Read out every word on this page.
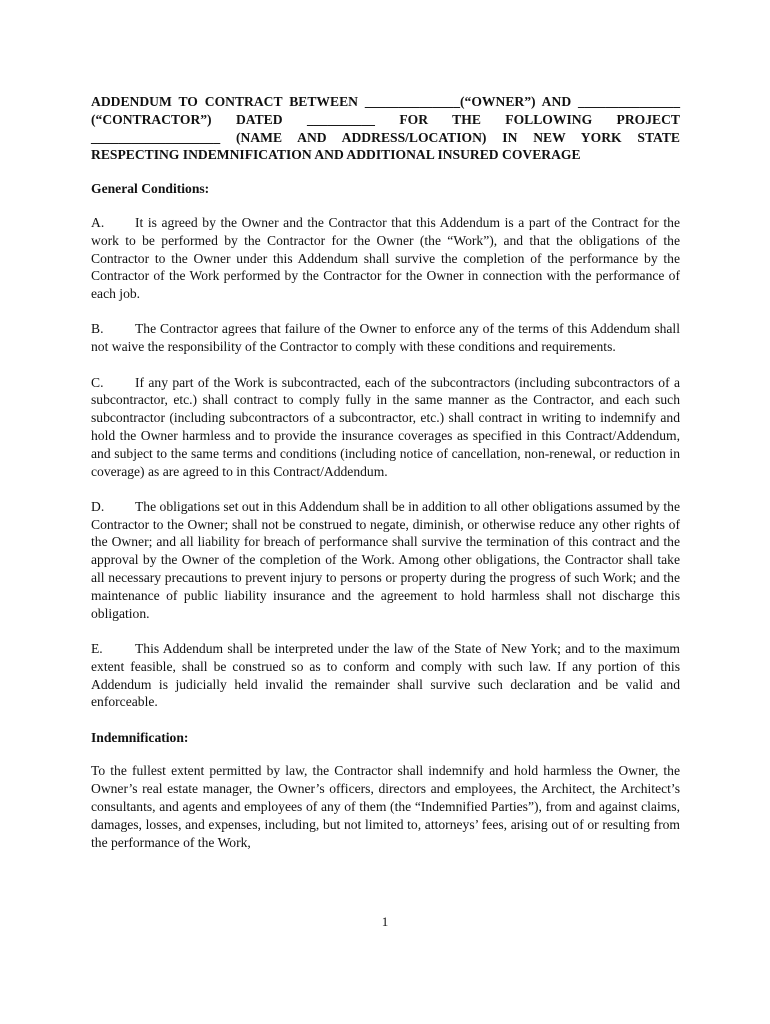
ADDENDUM TO CONTRACT BETWEEN ______________(“OWNER”) AND _______________ (“CONTRACTOR”) DATED __________ FOR THE FOLLOWING PROJECT ___________________ (NAME AND ADDRESS/LOCATION) IN NEW YORK STATE RESPECTING INDEMNIFICATION AND ADDITIONAL INSURED COVERAGE

General Conditions:

A. It is agreed by the Owner and the Contractor that this Addendum is a part of the Contract for the work to be performed by the Contractor for the Owner (the “Work”), and that the obligations of the Contractor to the Owner under this Addendum shall survive the completion of the performance by the Contractor of the Work performed by the Contractor for the Owner in connection with the performance of each job.

B. The Contractor agrees that failure of the Owner to enforce any of the terms of this Addendum shall not waive the responsibility of the Contractor to comply with these conditions and requirements.

C. If any part of the Work is subcontracted, each of the subcontractors (including subcontractors of a subcontractor, etc.) shall contract to comply fully in the same manner as the Contractor, and each such subcontractor (including subcontractors of a subcontractor, etc.) shall contract in writing to indemnify and hold the Owner harmless and to provide the insurance coverages as specified in this Contract/Addendum, and subject to the same terms and conditions (including notice of cancellation, non-renewal, or reduction in coverage) as are agreed to in this Contract/Addendum.

D. The obligations set out in this Addendum shall be in addition to all other obligations assumed by the Contractor to the Owner; shall not be construed to negate, diminish, or otherwise reduce any other rights of the Owner; and all liability for breach of performance shall survive the termination of this contract and the approval by the Owner of the completion of the Work. Among other obligations, the Contractor shall take all necessary precautions to prevent injury to persons or property during the progress of such Work; and the maintenance of public liability insurance and the agreement to hold harmless shall not discharge this obligation.

E. This Addendum shall be interpreted under the law of the State of New York; and to the maximum extent feasible, shall be construed so as to conform and comply with such law. If any portion of this Addendum is judicially held invalid the remainder shall survive such declaration and be valid and enforceable.

Indemnification:

To the fullest extent permitted by law, the Contractor shall indemnify and hold harmless the Owner, the Owner’s real estate manager, the Owner’s officers, directors and employees, the Architect, the Architect’s consultants, and agents and employees of any of them (the “Indemnified Parties”), from and against claims, damages, losses, and expenses, including, but not limited to, attorneys’ fees, arising out of or resulting from the performance of the Work,

1
